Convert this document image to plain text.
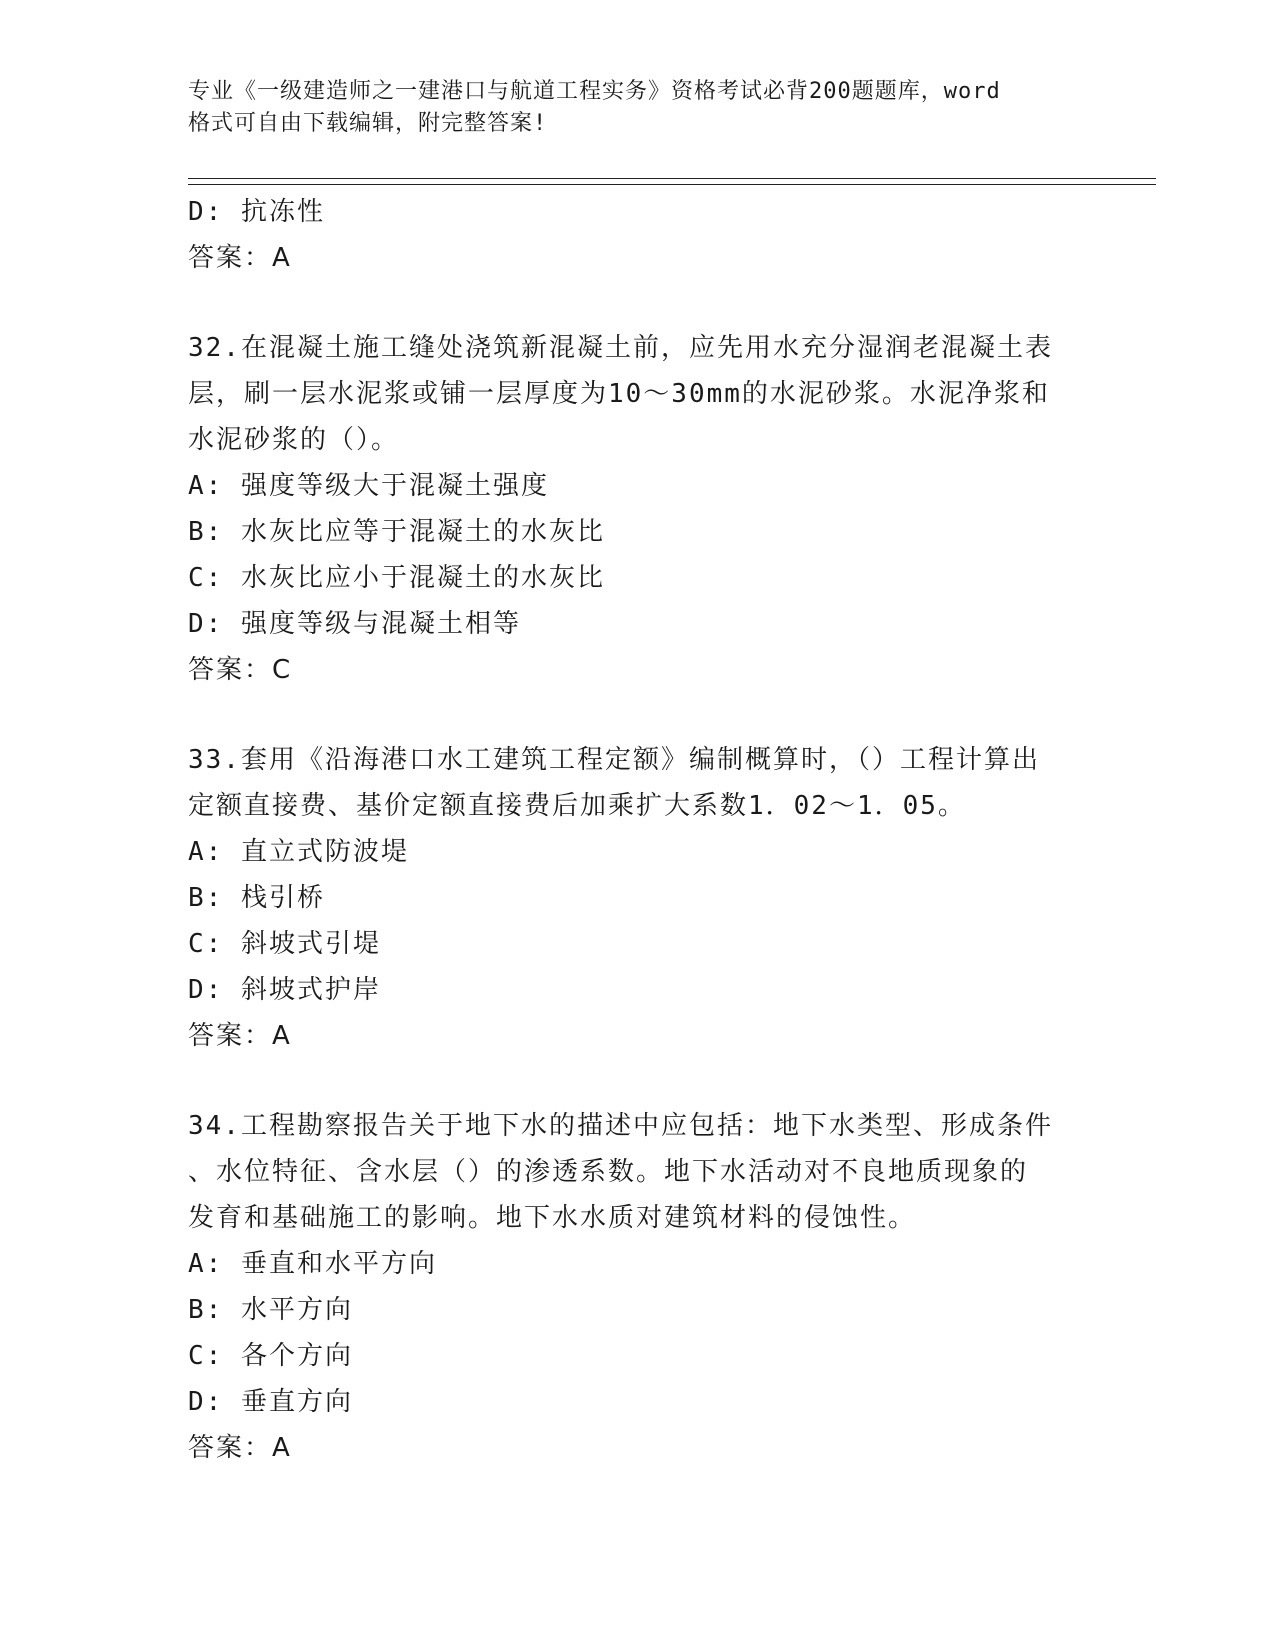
专业《一级建造师之一建港口与航道工程实务》资格考试必背200题题库，word
格式可自由下载编辑，附完整答案!

D: 抗冻性

答案：A

32.在混凝土施工缝处浇筑新混凝土前，应先用水充分湿润老混凝土表

层，刷一层水泥浆或铺一层厚度为10～30mm的水泥砂浆。水泥净浆和

水泥砂浆的（）。

A: 强度等级大于混凝土强度

B: 水灰比应等于混凝土的水灰比

C: 水灰比应小于混凝土的水灰比

D: 强度等级与混凝土相等

答案：C

33.套用《沿海港口水工建筑工程定额》编制概算时，（）工程计算出

定额直接费、基价定额直接费后加乘扩大系数1．02～1．05。

A: 直立式防波堤

B: 栈引桥

C: 斜坡式引堤

D: 斜坡式护岸

答案：A

34.工程勘察报告关于地下水的描述中应包括：地下水类型、形成条件

、水位特征、含水层（）的渗透系数。地下水活动对不良地质现象的

发育和基础施工的影响。地下水水质对建筑材料的侵蚀性。

A: 垂直和水平方向

B: 水平方向

C: 各个方向

D: 垂直方向

答案：A
